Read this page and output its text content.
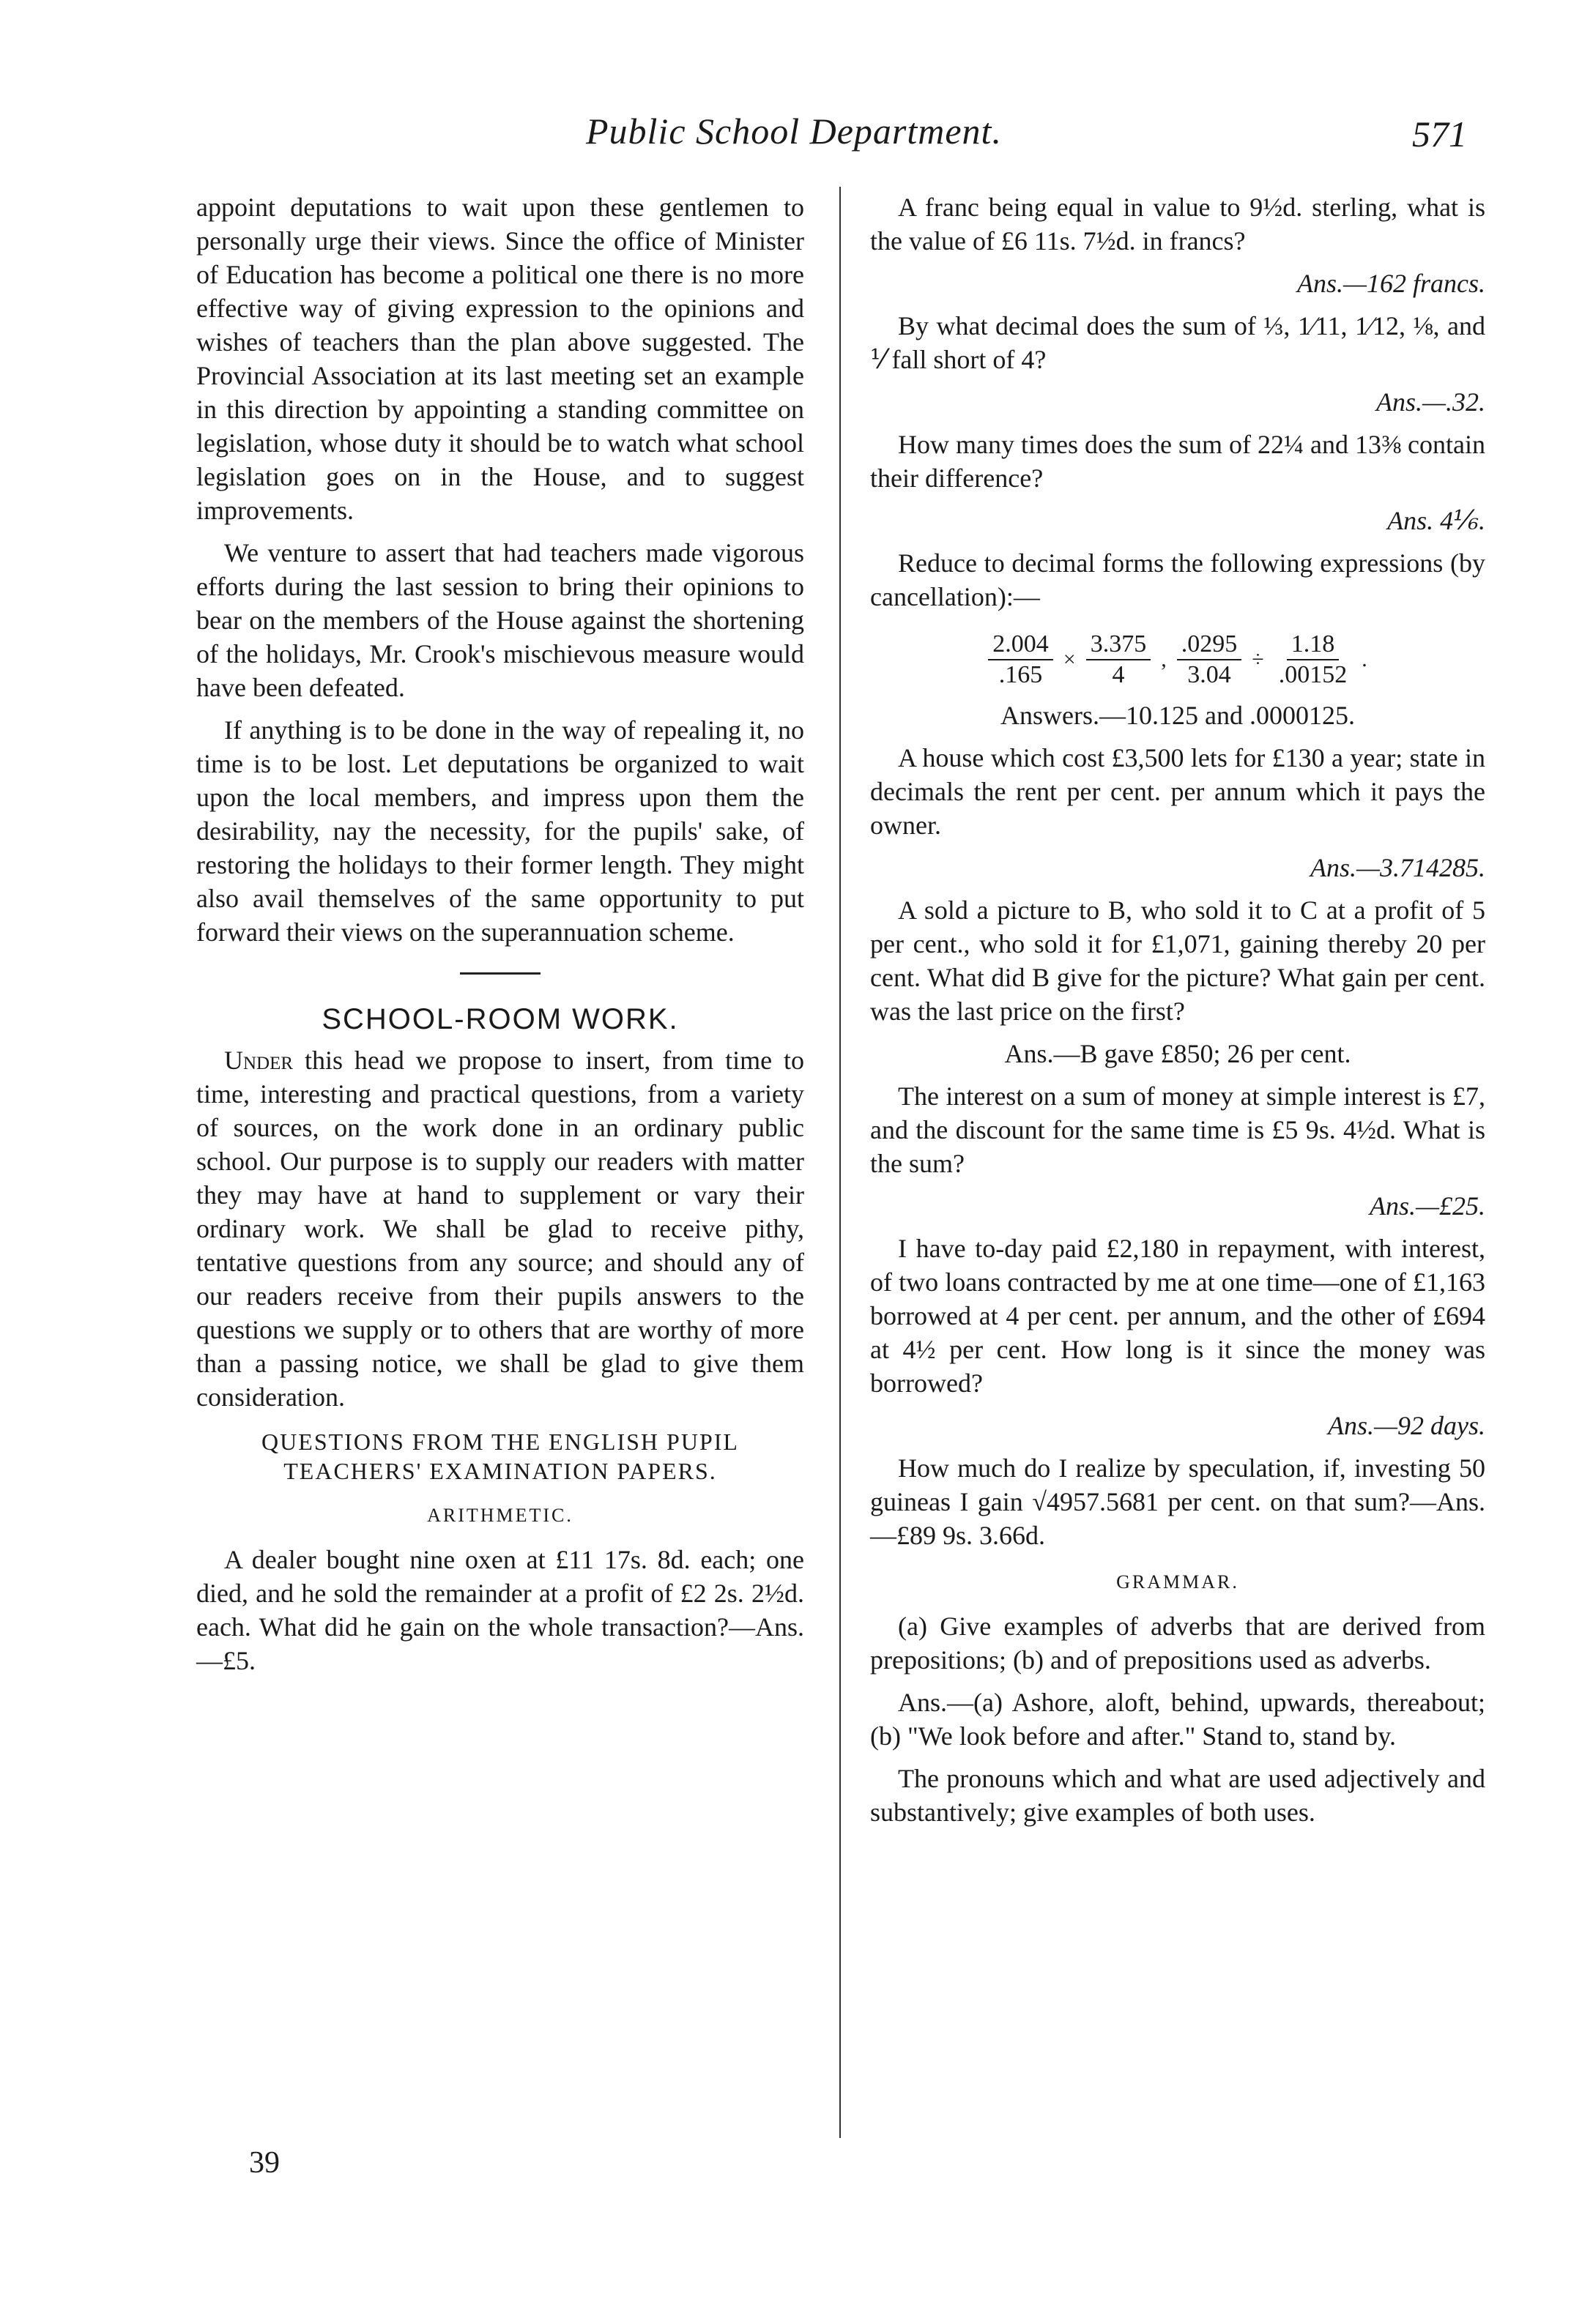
Public School Department.	571

appoint deputations to wait upon these gentlemen to personally urge their views. Since the office of Minister of Education has become a political one there is no more effective way of giving expression to the opinions and wishes of teachers than the plan above suggested. The Provincial Association at its last meeting set an example in this direction by appointing a standing committee on legislation, whose duty it should be to watch what school legislation goes on in the House, and to suggest improvements.

We venture to assert that had teachers made vigorous efforts during the last session to bring their opinions to bear on the members of the House against the shortening of the holidays, Mr. Crook's mischievous measure would have been defeated.

If anything is to be done in the way of repealing it, no time is to be lost. Let deputations be organized to wait upon the local members, and impress upon them the desirability, nay the necessity, for the pupils' sake, of restoring the holidays to their former length. They might also avail themselves of the same opportunity to put forward their views on the superannuation scheme.

SCHOOL-ROOM WORK.

Under this head we propose to insert, from time to time, interesting and practical questions, from a variety of sources, on the work done in an ordinary public school. Our purpose is to supply our readers with matter they may have at hand to supplement or vary their ordinary work. We shall be glad to receive pithy, tentative questions from any source; and should any of our readers receive from their pupils answers to the questions we supply or to others that are worthy of more than a passing notice, we shall be glad to give them consideration.

QUESTIONS FROM THE ENGLISH PUPIL TEACHERS' EXAMINATION PAPERS.
ARITHMETIC.

A dealer bought nine oxen at £11 17s. 8d. each; one died, and he sold the remainder at a profit of £2 2s. 2½d. each. What did he gain on the whole transaction?—Ans.—£5.

39

A franc being equal in value to 9½d. sterling, what is the value of £6 11s. 7½d. in francs?

Ans.—162 francs.

By what decimal does the sum of ⅓, 1⁄11, 1⁄12, ⅛, and ⅟ fall short of 4?

Ans.—.32.

How many times does the sum of 22¼ and 13⅜ contain their difference?

Ans. 4⅙.

Reduce to decimal forms the following expressions (by cancellation):—

$\frac{2.004}{.165} \times \frac{3.375}{4}$ , $\frac{.0295}{3.04} \div \frac{1.18}{.00152}$ .

Answers.—10.125 and .0000125.

A house which cost £3,500 lets for £130 a year; state in decimals the rent per cent. per annum which it pays the owner.

Ans.—3.714285.

A sold a picture to B, who sold it to C at a profit of 5 per cent., who sold it for £1,071, gaining thereby 20 per cent. What did B give for the picture? What gain per cent. was the last price on the first?

Ans.—B gave £850; 26 per cent.

The interest on a sum of money at simple interest is £7, and the discount for the same time is £5 9s. 4½d. What is the sum?

Ans.—£25.

I have to-day paid £2,180 in repayment, with interest, of two loans contracted by me at one time—one of £1,163 borrowed at 4 per cent. per annum, and the other of £694 at 4½ per cent. How long is it since the money was borrowed?

Ans.—92 days.

How much do I realize by speculation, if, investing 50 guineas I gain √4957.5681 per cent. on that sum?—Ans.—£89 9s. 3.66d.

GRAMMAR.

(a) Give examples of adverbs that are derived from prepositions; (b) and of prepositions used as adverbs.

Ans.—(a) Ashore, aloft, behind, upwards, thereabout; (b) "We look before and after." Stand to, stand by.

The pronouns which and what are used adjectively and substantively; give examples of both uses.
